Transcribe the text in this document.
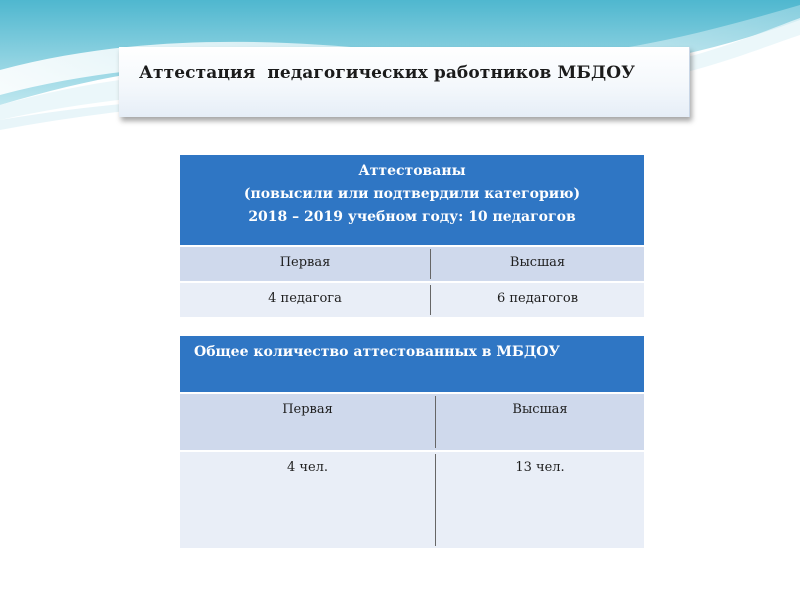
Аттестация  педагогических работников МБДОУ
Аттестованы
(повысили или подтвердили категорию)
2018 – 2019 учебном году: 10 педагогов
Первая	Высшая
4 педагога	6 педагогов
Общее количество аттестованных в МБДОУ
Первая	Высшая
4 чел.	13 чел.
